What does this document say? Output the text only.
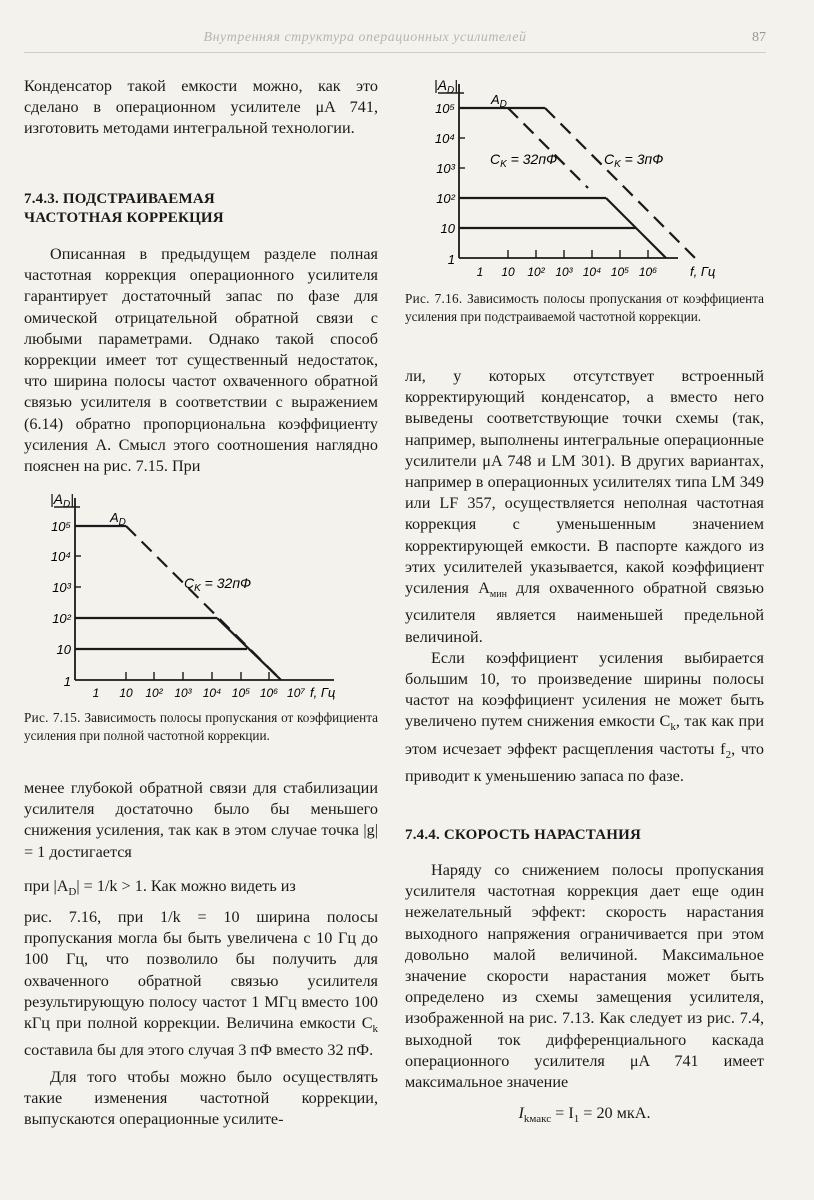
Внутренняя структура операционных усилителей	87

Конденсатор такой емкости можно, как это сделано в операционном усилителе μA 741, изготовить методами интегральной технологии.

7.4.3. ПОДСТРАИВАЕМАЯ
ЧАСТОТНАЯ КОРРЕКЦИЯ

Описанная в предыдущем разделе полная частотная коррекция операционного усилителя гарантирует достаточный запас по фазе для омической отрицательной обратной связи с любыми параметрами. Однако такой способ коррекции имеет тот существенный недостаток, что ширина полосы частот охваченного обратной связью усилителя в соответствии с выражением (6.14) обратно пропорциональна коэффициенту усиления A. Смысл этого соотношения наглядно пояснен на рис. 7.15. При

$|A_D|$
1
10
10²
10³
10⁴
10⁵
1 10 10² 10³ 10⁴ 10⁵ 10⁶ 10⁷ f, Гц
$A_D$
$C_K = 32пФ$
Рис. 7.15. Зависимость полосы пропускания от коэффициента усиления при полной частотной коррекции.

менее глубокой обратной связи для стабилизации усилителя достаточно было бы меньшего снижения усиления, так как в этом случае точка |g| = 1 достигается

при $|A_D| = 1/k > 1$. Как можно видеть из

рис. 7.16, при 1/k = 10 ширина полосы пропускания могла бы быть увеличена с 10 Гц до 100 Гц, что позволило бы получить для охваченного обратной связью усилителя результирующую полосу частот 1 МГц вместо 100 кГц при полной коррекции. Величина емкости $C_k$ составила бы для этого случая 3 пФ вместо 32 пФ.

Для того чтобы можно было осуществлять такие изменения частотной коррекции, выпускаются операционные усилите-

$|A_D|$
1
10
10²
10³
10⁴
10⁵
1 10 10² 10³ 10⁴ 10⁵ 10⁶	f, Гц
$A_D$
$C_K = 32пФ$	$C_K = 3пФ$
Рис. 7.16. Зависимость полосы пропускания от коэффициента усиления при подстраиваемой частотной коррекции.

ли, у которых отсутствует встроенный корректирующий конденсатор, а вместо него выведены соответствующие точки схемы (так, например, выполнены интегральные операционные усилители μA 748 и LM 301). В других вариантах, например в операционных усилителях типа LM 349 или LF 357, осуществляется неполная частотная коррекция с уменьшенным значением корректирующей емкости. В паспорте каждого из этих усилителей указывается, какой коэффициент усиления $A_{мин}$ для охваченного обратной связью усилителя является наименьшей предельной величиной.

Если коэффициент усиления выбирается большим 10, то произведение ширины полосы частот на коэффициент усиления не может быть увеличено путем снижения емкости $C_k$, так как при этом исчезает эффект расщепления частоты $f_2$, что приводит к уменьшению запаса по фазе.

7.4.4. СКОРОСТЬ НАРАСТАНИЯ

Наряду со снижением полосы пропускания усилителя частотная коррекция дает еще один нежелательный эффект: скорость нарастания выходного напряжения ограничивается при этом довольно малой величиной. Максимальное значение скорости нарастания может быть определено из схемы замещения усилителя, изображенной на рис. 7.13. Как следует из рис. 7.4, выходной ток дифференциального каскада операционного усилителя μA 741 имеет максимальное значение

$I_{kмакс} = I_1 = 20$ мкА.
